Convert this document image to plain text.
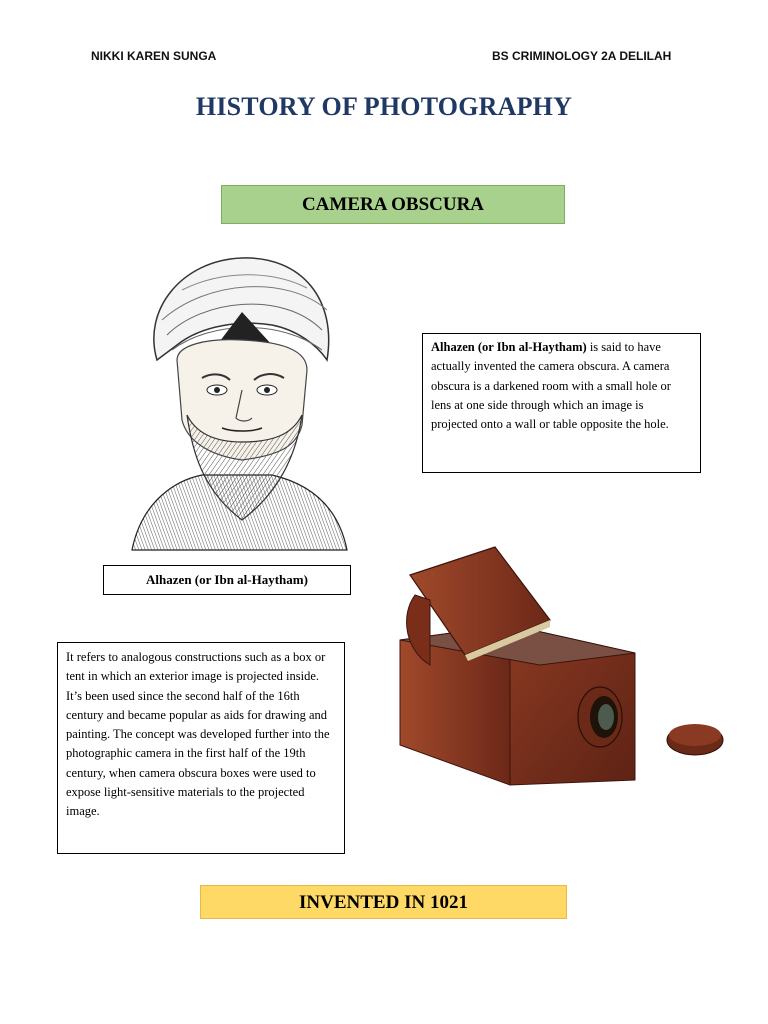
NIKKI KAREN SUNGA	BS CRIMINOLOGY 2A DELILAH
HISTORY OF PHOTOGRAPHY
CAMERA OBSCURA
Alhazen (or Ibn al-Haytham)
Alhazen (or Ibn al-Haytham) is said to have actually invented the camera obscura. A camera obscura is a darkened room with a small hole or lens at one side through which an image is projected onto a wall or table opposite the hole.
It refers to analogous constructions such as a box or tent in which an exterior image is projected inside. It’s been used since the second half of the 16th century and became popular as aids for drawing and painting. The concept was developed further into the photographic camera in the first half of the 19th century, when camera obscura boxes were used to expose light-sensitive materials to the projected image.
INVENTED IN 1021
